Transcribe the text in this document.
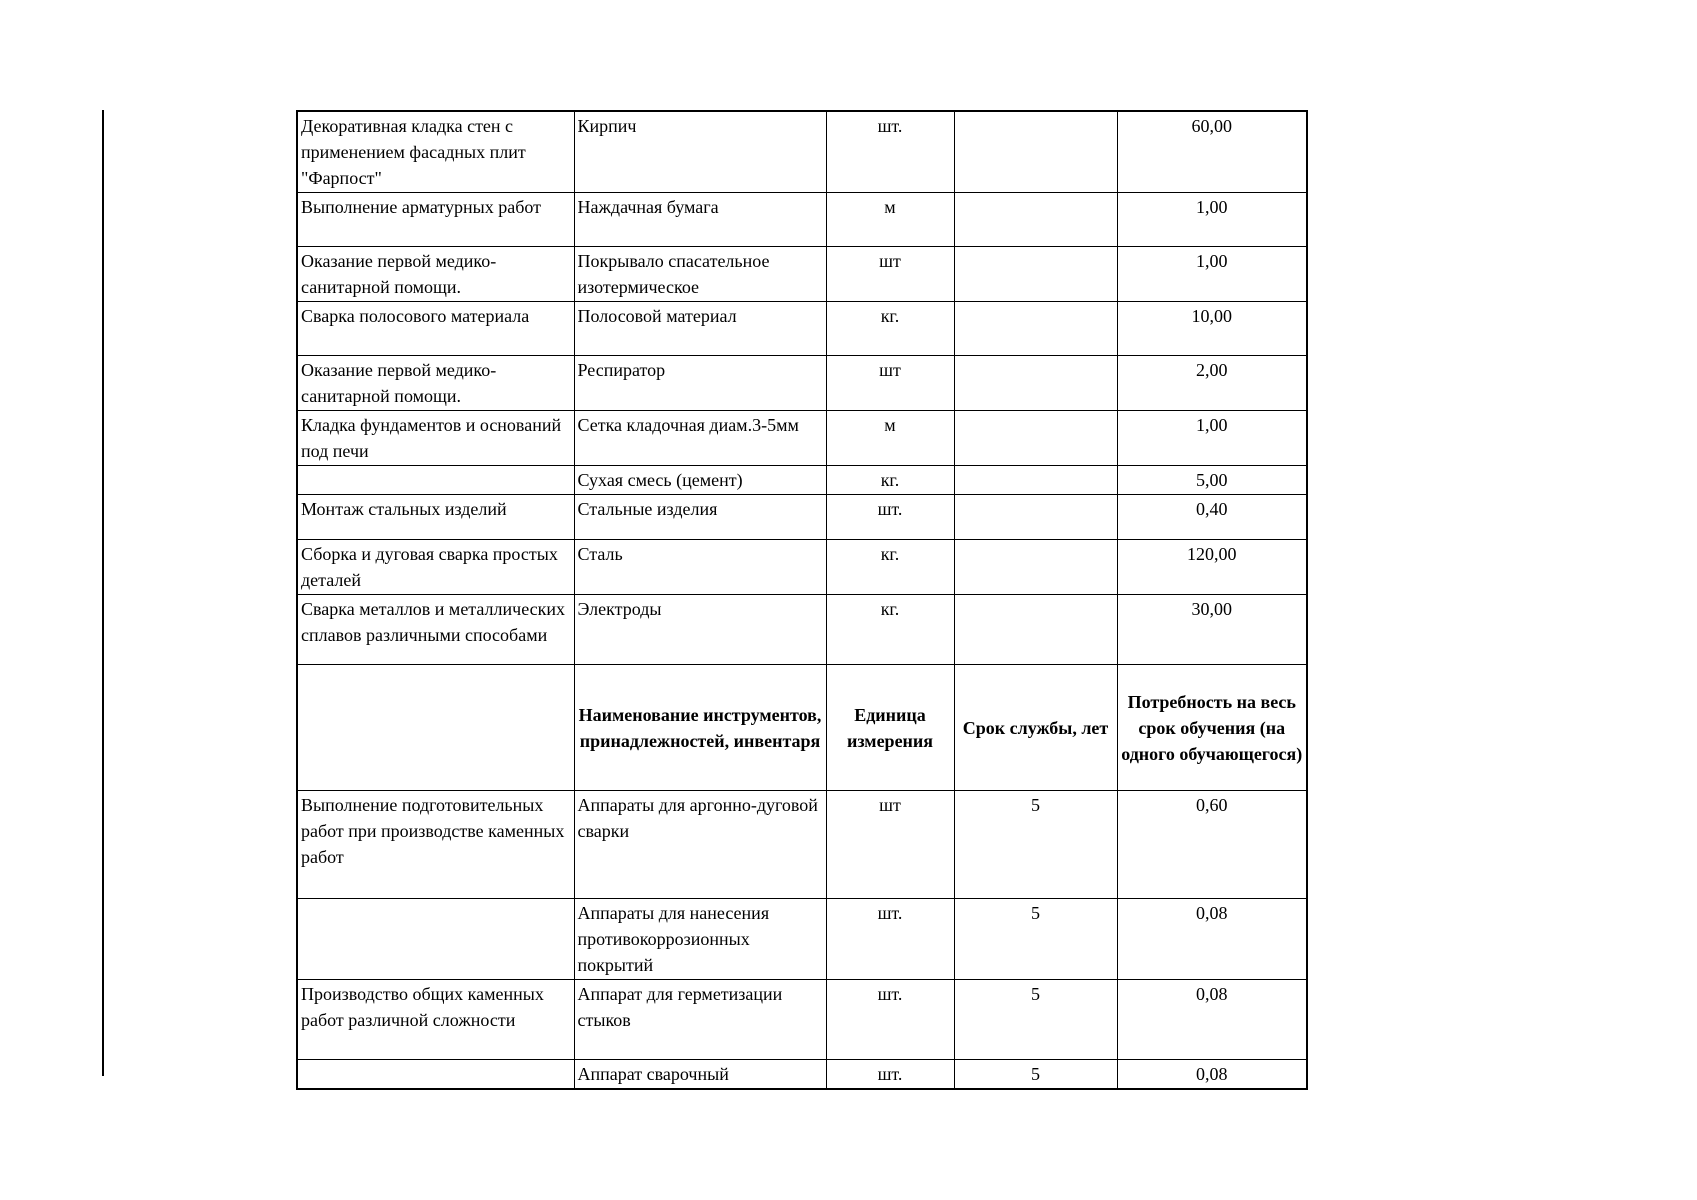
Декоративная кладка стен с применением фасадных плит "Фарпост"	Кирпич	шт.		60,00
Выполнение арматурных работ	Наждачная бумага	м		1,00
Оказание первой медико-санитарной помощи.	Покрывало спасательное изотермическое	шт		1,00
Сварка полосового материала	Полосовой материал	кг.		10,00
Оказание первой медико-санитарной помощи.	Респиратор	шт		2,00
Кладка фундаментов и оснований под печи	Сетка кладочная диам.3-5мм	м		1,00
	Сухая смесь (цемент)	кг.		5,00
Монтаж стальных изделий	Стальные изделия	шт.		0,40
Сборка и дуговая сварка простых деталей	Сталь	кг.		120,00
Сварка металлов и металлических сплавов различными способами	Электроды	кг.		30,00
	Наименование инструментов, принадлежностей, инвентаря	Единица измерения	Срок службы, лет	Потребность на весь срок обучения (на одного обучающегося)
Выполнение подготовительных работ при производстве каменных работ	Аппараты для аргонно-дуговой сварки	шт	5	0,60
	Аппараты для нанесения противокоррозионных покрытий	шт.	5	0,08
Производство общих каменных работ различной сложности	Аппарат для герметизации стыков	шт.	5	0,08
	Аппарат сварочный	шт.	5	0,08
